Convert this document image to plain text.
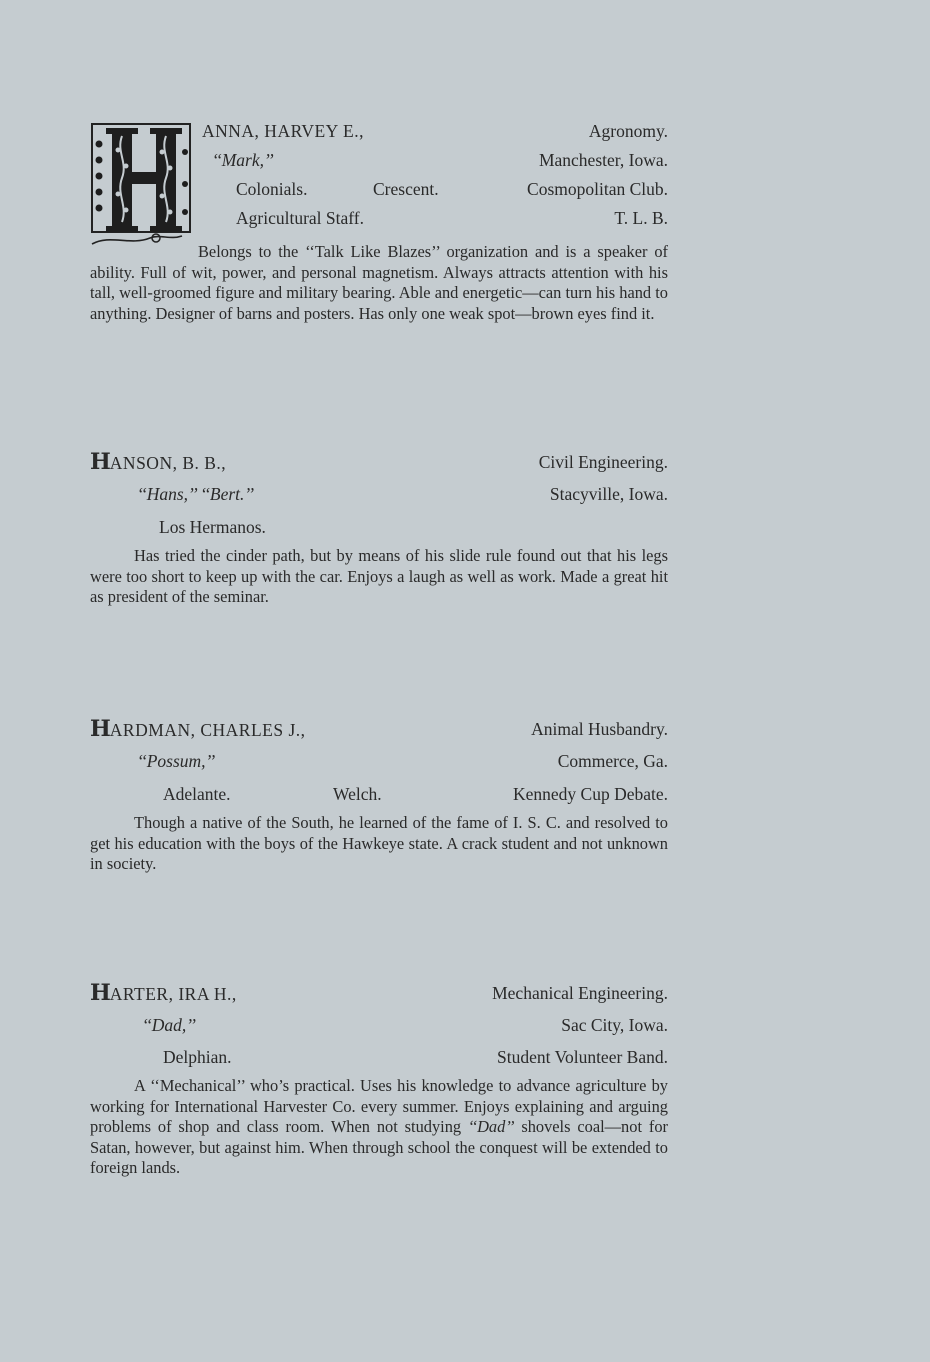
ANNA, HARVEY E.,	Agronomy.
‘‘Mark,’’	Manchester, Iowa.
Colonials.	Crescent.	Cosmopolitan Club.
Agricultural Staff.	T. L. B.

Belongs to the ‘‘Talk Like Blazes’’ organization and is a speaker of ability. Full of wit, power, and personal magnetism. Always attracts attention with his tall, well-groomed figure and military bearing. Able and energetic—can turn his hand to anything. Designer of barns and posters. Has only one weak spot—brown eyes find it.

HANSON, B. B.,	Civil Engineering.
‘‘Hans,’’ ‘‘Bert.’’	Stacyville, Iowa.
Los Hermanos.

Has tried the cinder path, but by means of his slide rule found out that his legs were too short to keep up with the car. Enjoys a laugh as well as work. Made a great hit as president of the seminar.

HARDMAN, CHARLES J.,	Animal Husbandry.
‘‘Possum,’’	Commerce, Ga.
Adelante.	Welch.	Kennedy Cup Debate.

Though a native of the South, he learned of the fame of I. S. C. and resolved to get his education with the boys of the Hawkeye state. A crack student and not unknown in society.

HARTER, IRA H.,	Mechanical Engineering.
‘‘Dad,’’	Sac City, Iowa.
Delphian.	Student Volunteer Band.

A ‘‘Mechanical’’ who’s practical. Uses his knowledge to advance agriculture by working for International Harvester Co. every summer. Enjoys explaining and arguing problems of shop and class room. When not studying ‘‘Dad’’ shovels coal—not for Satan, however, but against him. When through school the conquest will be extended to foreign lands.
